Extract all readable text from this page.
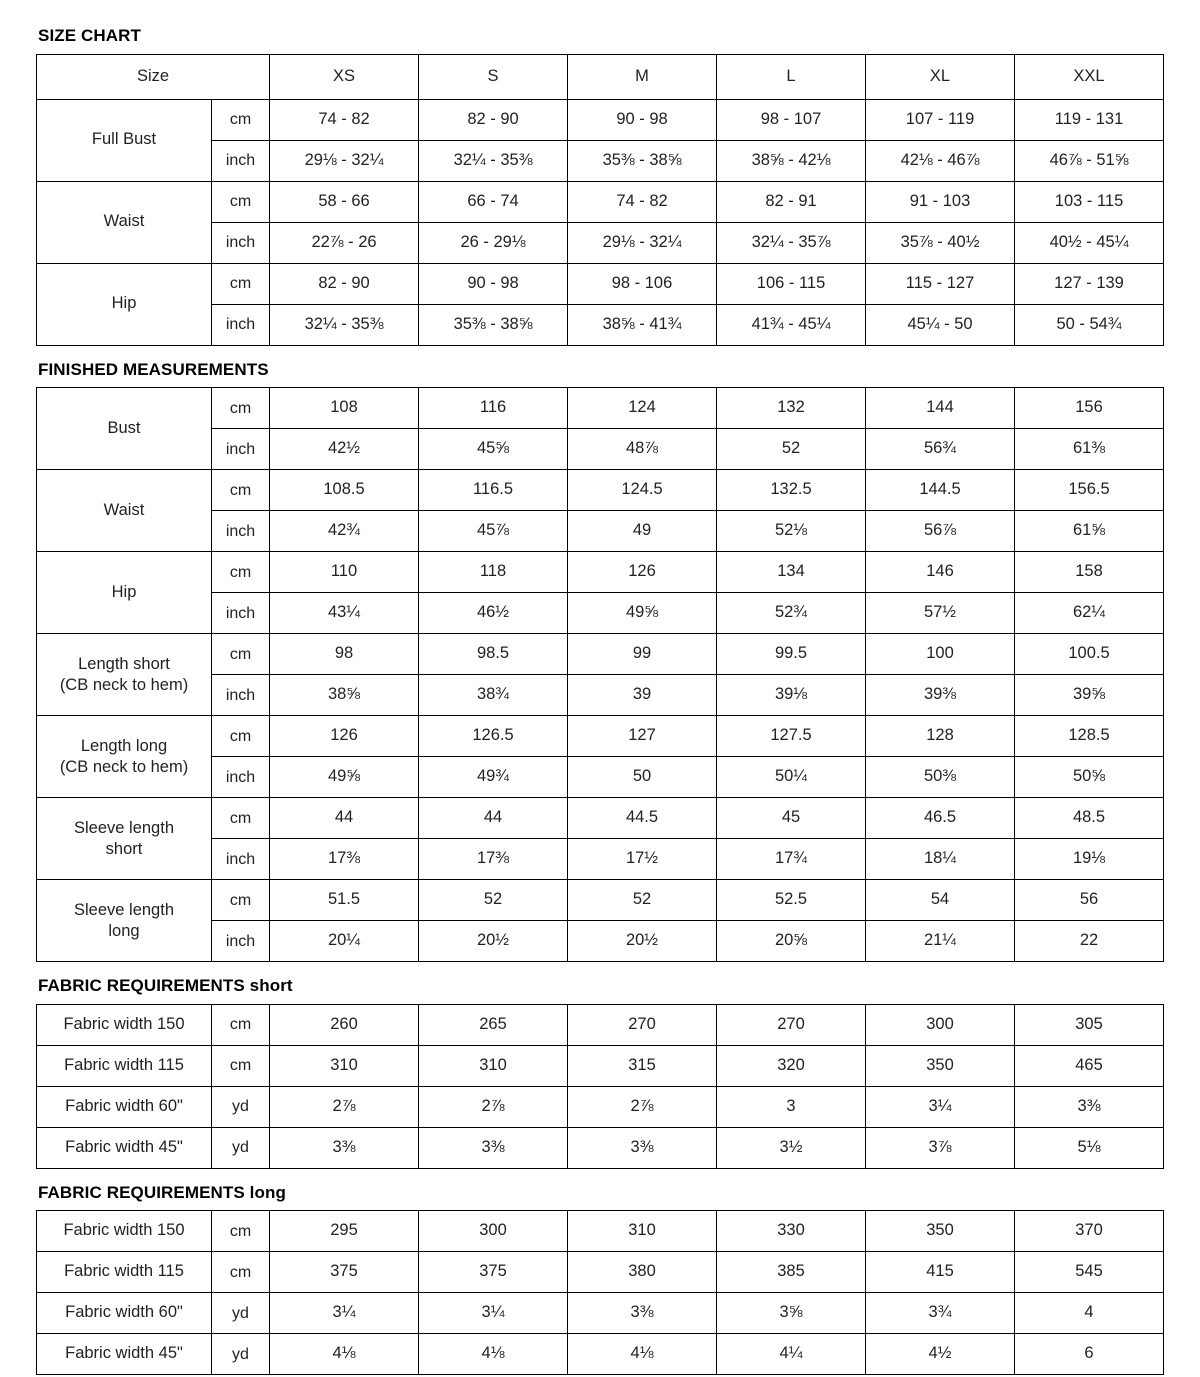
SIZE CHART
Size		XS	S	M	L	XL	XXL
Full Bust	cm	74 - 82	82 - 90	90 - 98	98 - 107	107 - 119	119 - 131
	inch	29⅛ - 32¼	32¼ - 35⅜	35⅜ - 38⅝	38⅝ - 42⅛	42⅛ - 46⅞	46⅞ - 51⅝
Waist	cm	58 - 66	66 - 74	74 - 82	82 - 91	91 - 103	103 - 115
	inch	22⅞ - 26	26 - 29⅛	29⅛ - 32¼	32¼ - 35⅞	35⅞ - 40½	40½ - 45¼
Hip	cm	82 - 90	90 - 98	98 - 106	106 - 115	115 - 127	127 - 139
	inch	32¼ - 35⅜	35⅜ - 38⅝	38⅝ - 41¾	41¾ - 45¼	45¼ - 50	50 - 54¾
FINISHED MEASUREMENTS
Bust	cm	108	116	124	132	144	156
	inch	42½	45⅝	48⅞	52	56¾	61⅜

Waist	cm	108.5	116.5	124.5	132.5	144.5	156.5
	inch	42¾	45⅞	49	52⅛	56⅞	61⅝

Hip	cm	110	118	126	134	146	158
	inch	43¼	46½	49⅝	52¾	57½	62¼

Length short
(CB neck to hem)	cm	98	98.5	99	99.5	100	100.5
	inch	38⅝	38¾	39	39⅛	39⅜	39⅝

Length long
(CB neck to hem)	cm	126	126.5	127	127.5	128	128.5
	inch	49⅝	49¾	50	50¼	50⅜	50⅝

Sleeve length
short	cm	44	44	44.5	45	46.5	48.5
	inch	17⅜	17⅜	17½	17¾	18¼	19⅛

Sleeve length
long	cm	51.5	52	52	52.5	54	56
	inch	20¼	20½	20½	20⅝	21¼	22
FABRIC REQUIREMENTS short
Fabric width 150	cm	260	265	270	270	300	305
Fabric width 115	cm	310	310	315	320	350	465
Fabric width 60"	yd	2⅞	2⅞	2⅞	3	3¼	3⅜
Fabric width 45"	yd	3⅜	3⅜	3⅜	3½	3⅞	5⅛
FABRIC REQUIREMENTS long
Fabric width 150	cm	295	300	310	330	350	370
Fabric width 115	cm	375	375	380	385	415	545
Fabric width 60"	yd	3¼	3¼	3⅜	3⅝	3¾	4
Fabric width 45"	yd	4⅛	4⅛	4⅛	4¼	4½	6
